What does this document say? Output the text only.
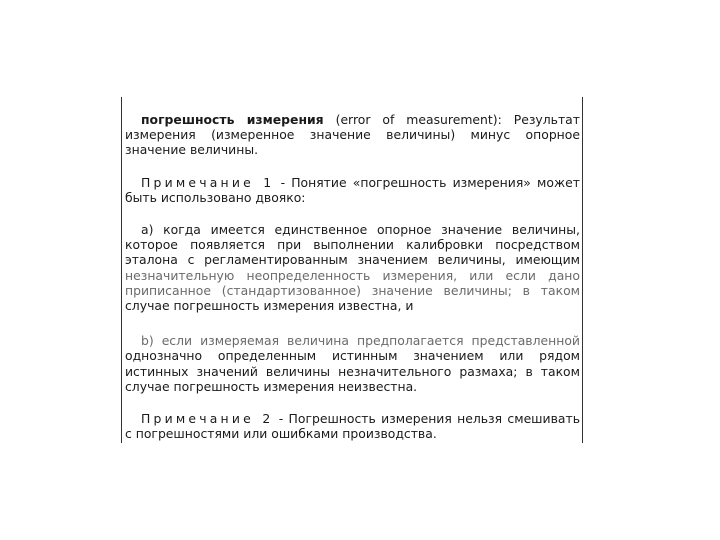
погрешность измерения (error of measurement): Результат измерения (измеренное значение величины) минус опорное значение величины.

Примечание 1 - Понятие «погрешность измерения» может быть использовано двояко:

а) когда имеется единственное опорное значение величины, которое появляется при выполнении калибровки посредством эталона с регламентированным значением величины, имеющим незначительную неопределенность измерения, или если дано приписанное (стандартизованное) значение величины; в таком случае погрешность измерения известна, и

b) если измеряемая величина предполагается представленной однозначно определенным истинным значением или рядом истинных значений величины незначительного размаха; в таком случае погрешность измерения неизвестна.

Примечание 2 - Погрешность измерения нельзя смешивать с погрешностями или ошибками производства.
